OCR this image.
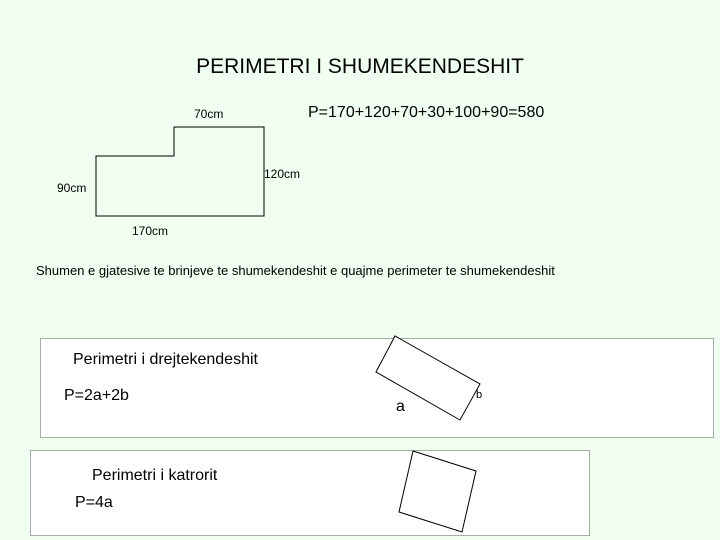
PERIMETRI I SHUMEKENDESHIT
P=170+120+70+30+100+90=580
70cm
120cm
90cm
170cm
Shumen e gjatesive te brinjeve te shumekendeshit e quajme perimeter te shumekendeshit
Perimetri i drejtekendeshit
P=2a+2b
a
b
Perimetri i katrorit
P=4a
